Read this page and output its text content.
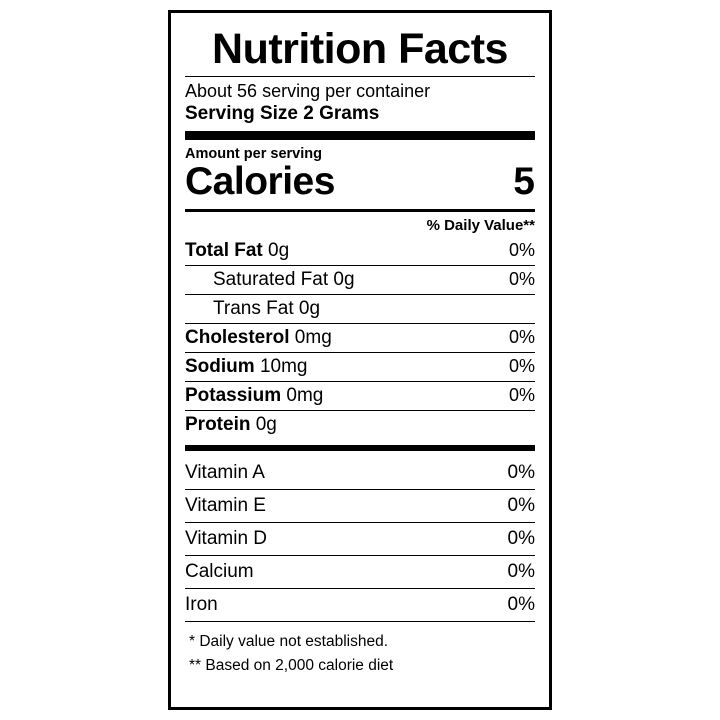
Nutrition Facts
About 56 serving per container
Serving Size 2 Grams
Amount per serving
Calories	5
% Daily Value**
Total Fat 0g	0%
Saturated Fat 0g	0%
Trans Fat 0g
Cholesterol 0mg	0%
Sodium 10mg	0%
Potassium 0mg	0%
Protein 0g
Vitamin A	0%
Vitamin E	0%
Vitamin D	0%
Calcium	0%
Iron	0%
* Daily value not established.
** Based on 2,000 calorie diet
